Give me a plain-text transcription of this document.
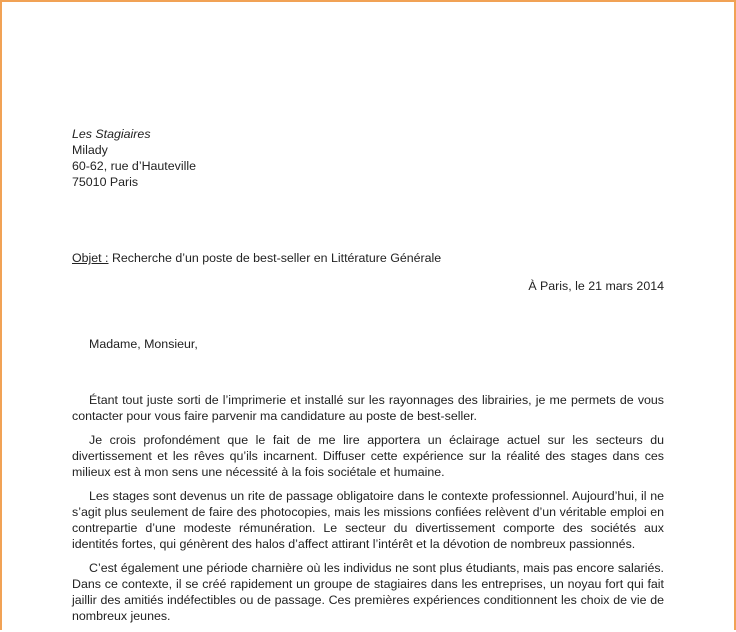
Les Stagiaires
Milady
60-62, rue d’Hauteville
75010 Paris
Objet : Recherche d’un poste de best-seller en Littérature Générale
À Paris, le 21 mars 2014
Madame, Monsieur,

Étant tout juste sorti de l’imprimerie et installé sur les rayonnages des librairies, je me permets de vous contacter pour vous faire parvenir ma candidature au poste de best-seller.

Je crois profondément que le fait de me lire apportera un éclairage actuel sur les secteurs du divertissement et les rêves qu’ils incarnent. Diffuser cette expérience sur la réalité des stages dans ces milieux est à mon sens une nécessité à la fois sociétale et humaine.

Les stages sont devenus un rite de passage obligatoire dans le contexte professionnel. Aujourd’hui, il ne s’agit plus seulement de faire des photocopies, mais les missions confiées relèvent d’un véritable emploi en contrepartie d’une modeste rémunération. Le secteur du divertissement comporte des sociétés aux identités fortes, qui génèrent des halos d’affect attirant l’intérêt et la dévotion de nombreux passionnés.

C’est également une période charnière où les individus ne sont plus étudiants, mais pas encore salariés. Dans ce contexte, il se créé rapidement un groupe de stagiaires dans les entreprises, un noyau fort qui fait jaillir des amitiés indéfectibles ou de passage. Ces premières expériences conditionnent les choix de vie de nombreux jeunes.
